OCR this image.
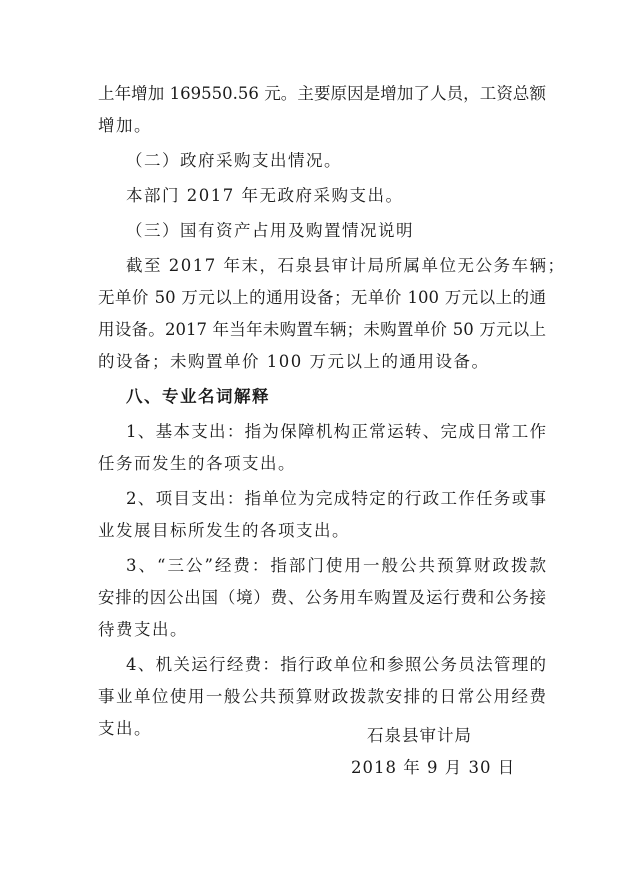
上年增加 169550.56 元。主要原因是增加了人员，工资总额
增加。
（二）政府采购支出情况。
本部门 2017 年无政府采购支出。
（三）国有资产占用及购置情况说明
截至 2017 年末，石泉县审计局所属单位无公务车辆；
无单价 50 万元以上的通用设备；无单价 100 万元以上的通
用设备。2017 年当年未购置车辆；未购置单价 50 万元以上
的设备；未购置单价 100 万元以上的通用设备。
八、专业名词解释
1、基本支出：指为保障机构正常运转、完成日常工作
任务而发生的各项支出。
2、项目支出：指单位为完成特定的行政工作任务或事
业发展目标所发生的各项支出。
3、“三公”经费：指部门使用一般公共预算财政拨款
安排的因公出国（境）费、公务用车购置及运行费和公务接
待费支出。
4、机关运行经费：指行政单位和参照公务员法管理的
事业单位使用一般公共预算财政拨款安排的日常公用经费
支出。	石泉县审计局
2018 年 9 月 30 日
